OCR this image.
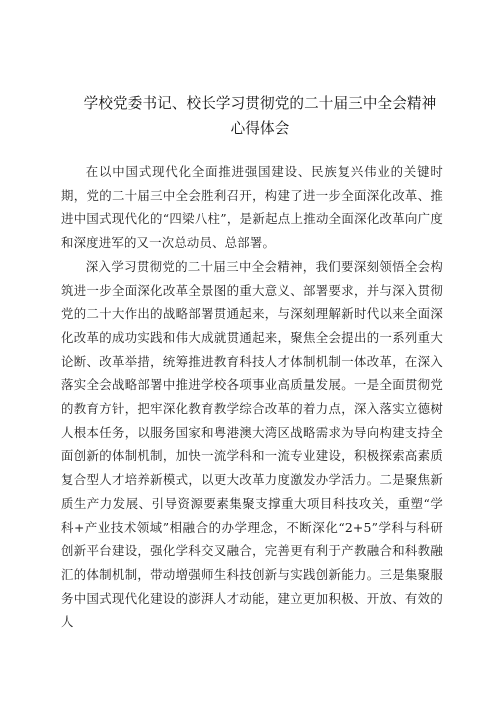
学校党委书记、校长学习贯彻党的二十届三中全会精神心得体会

在以中国式现代化全面推进强国建设、民族复兴伟业的关键时期，党的二十届三中全会胜利召开，构建了进一步全面深化改革、推进中国式现代化的“四梁八柱”，是新起点上推动全面深化改革向广度和深度进军的又一次总动员、总部署。

深入学习贯彻党的二十届三中全会精神，我们要深刻领悟全会构筑进一步全面深化改革全景图的重大意义、部署要求，并与深入贯彻党的二十大作出的战略部署贯通起来，与深刻理解新时代以来全面深化改革的成功实践和伟大成就贯通起来，聚焦全会提出的一系列重大论断、改革举措，统筹推进教育科技人才体制机制一体改革，在深入落实全会战略部署中推进学校各项事业高质量发展。一是全面贯彻党的教育方针，把牢深化教育教学综合改革的着力点，深入落实立德树人根本任务，以服务国家和粤港澳大湾区战略需求为导向构建支持全面创新的体制机制，加快一流学科和一流专业建设，积极探索高素质复合型人才培养新模式，以更大改革力度激发办学活力。二是聚焦新质生产力发展、引导资源要素集聚支撑重大项目科技攻关，重塑“学科+产业技术领域”相融合的办学理念，不断深化“2+5”学科与科研创新平台建设，强化学科交叉融合，完善更有利于产教融合和科教融汇的体制机制，带动增强师生科技创新与实践创新能力。三是集聚服务中国式现代化建设的澎湃人才动能，建立更加积极、开放、有效的人
